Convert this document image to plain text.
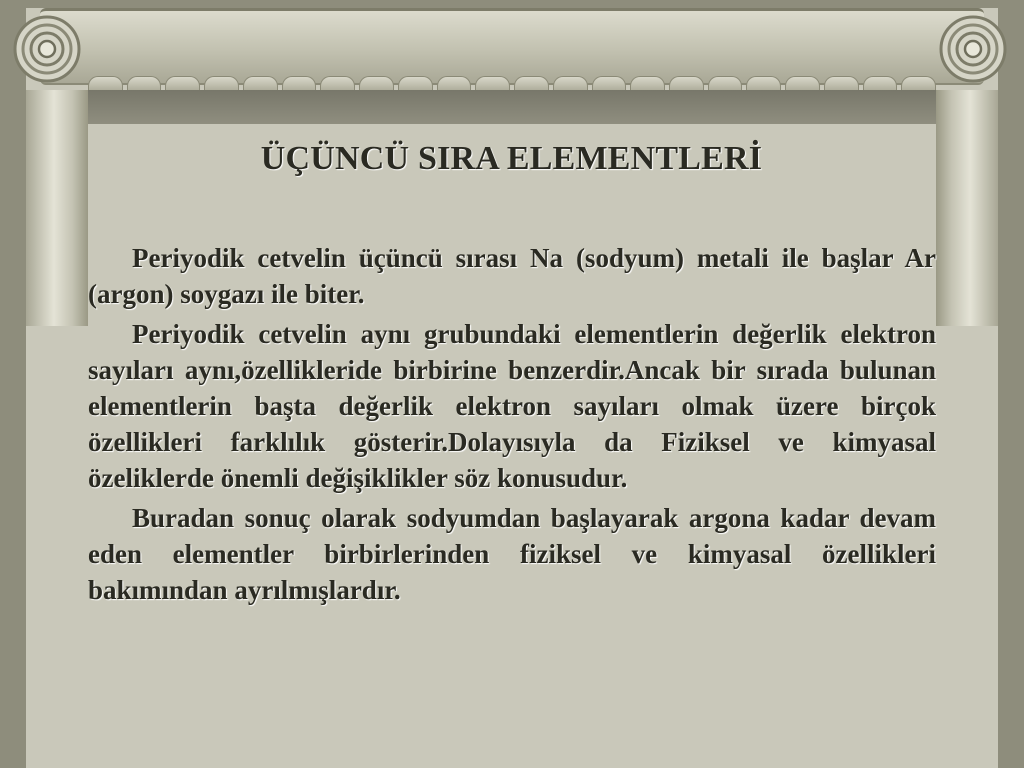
ÜÇÜNCÜ SIRA ELEMENTLERİ

Periyodik cetvelin üçüncü sırası Na (sodyum) metali ile başlar Ar (argon) soygazı ile biter.

Periyodik cetvelin aynı grubundaki elementlerin değerlik elektron sayıları aynı,özellikleride birbirine benzerdir.Ancak bir sırada bulunan elementlerin başta değerlik elektron sayıları olmak üzere birçok özellikleri farklılık gösterir.Dolayısıyla da Fiziksel ve kimyasal özeliklerde önemli değişiklikler söz konusudur.

Buradan sonuç olarak sodyumdan başlayarak argona kadar devam eden elementler birbirlerinden fiziksel ve kimyasal özellikleri bakımından ayrılmışlardır.
